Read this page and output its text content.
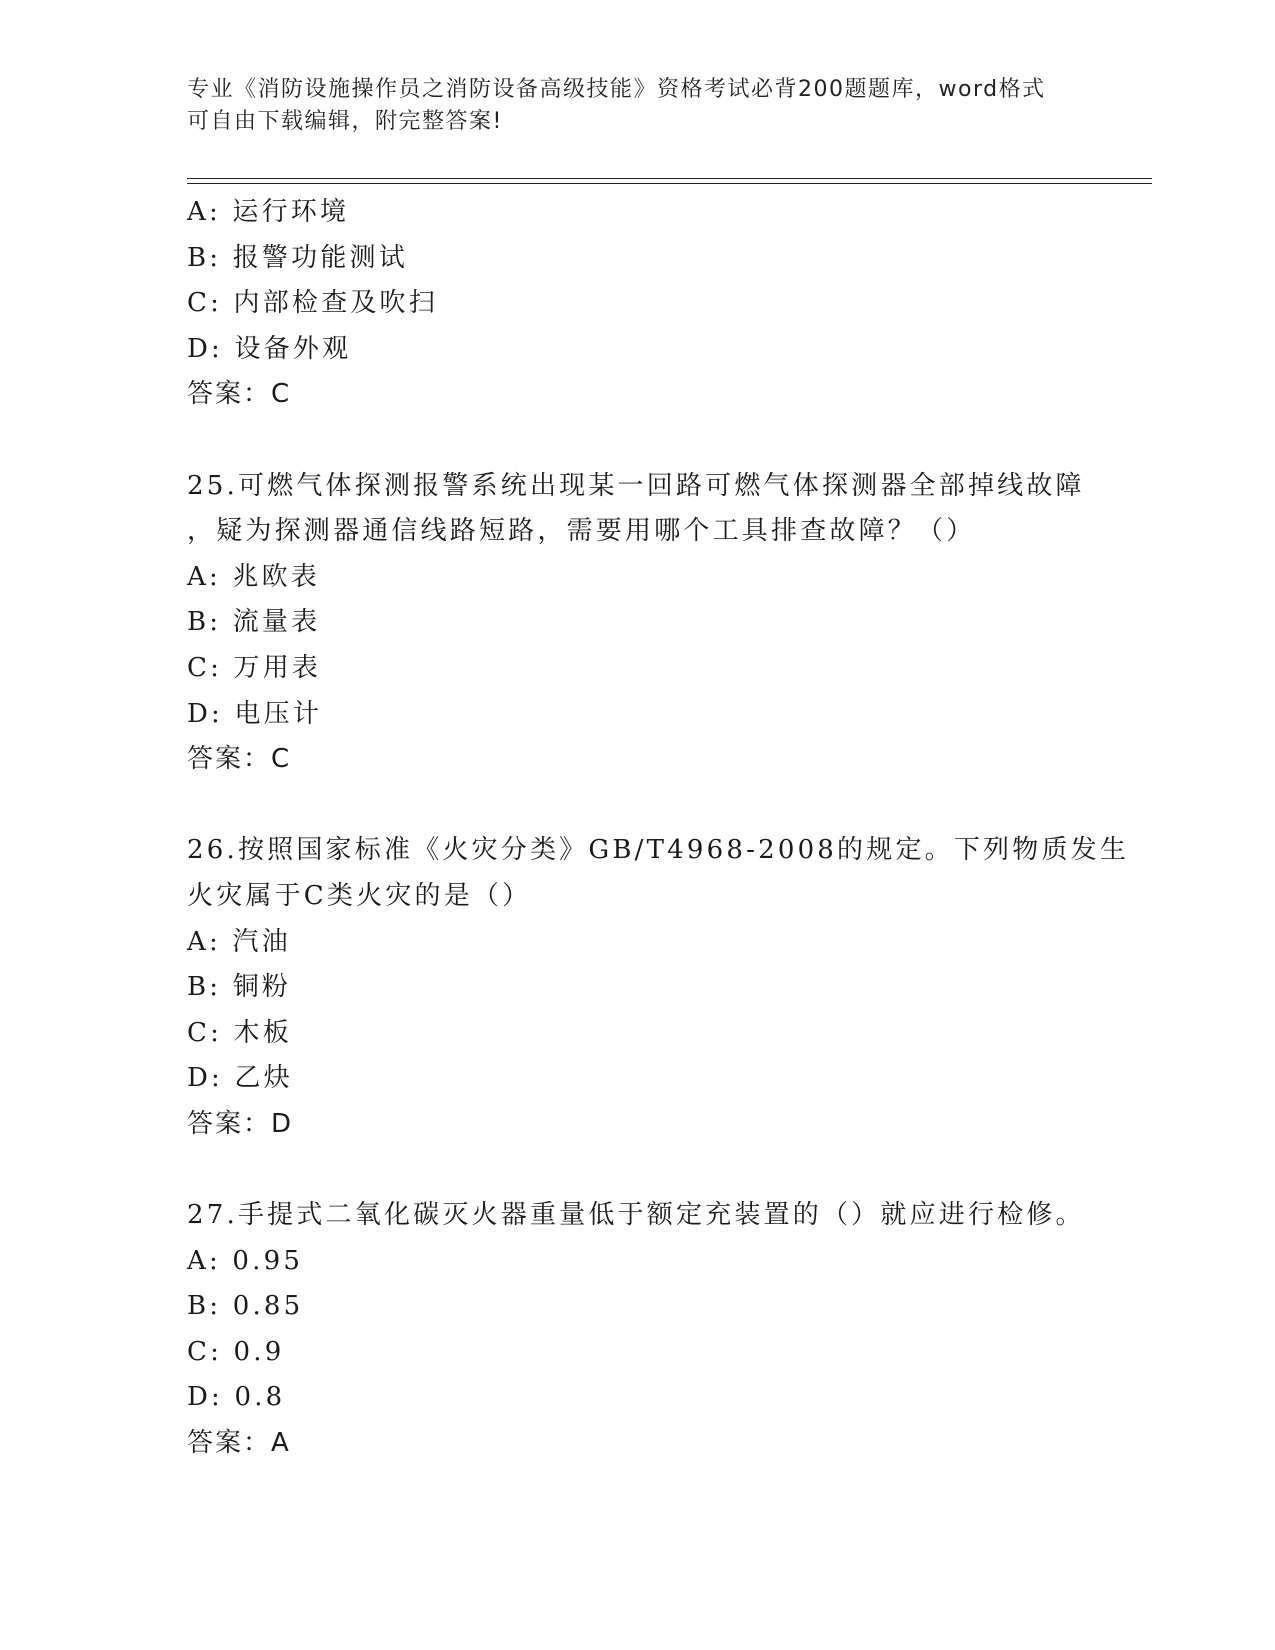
专业《消防设施操作员之消防设备高级技能》资格考试必背200题题库，word格式可自由下载编辑，附完整答案!
A: 运行环境
B: 报警功能测试
C: 内部检查及吹扫
D: 设备外观
答案：C
25.可燃气体探测报警系统出现某一回路可燃气体探测器全部掉线故障
，疑为探测器通信线路短路，需要用哪个工具排查故障？（）
A: 兆欧表
B: 流量表
C: 万用表
D: 电压计
答案：C
26.按照国家标准《火灾分类》GB/T4968-2008的规定。下列物质发生
火灾属于C类火灾的是（）
A: 汽油
B: 铜粉
C: 木板
D: 乙炔
答案：D
27.手提式二氧化碳灭火器重量低于额定充装置的（）就应进行检修。
A: 0.95
B: 0.85
C: 0.9
D: 0.8
答案：A
